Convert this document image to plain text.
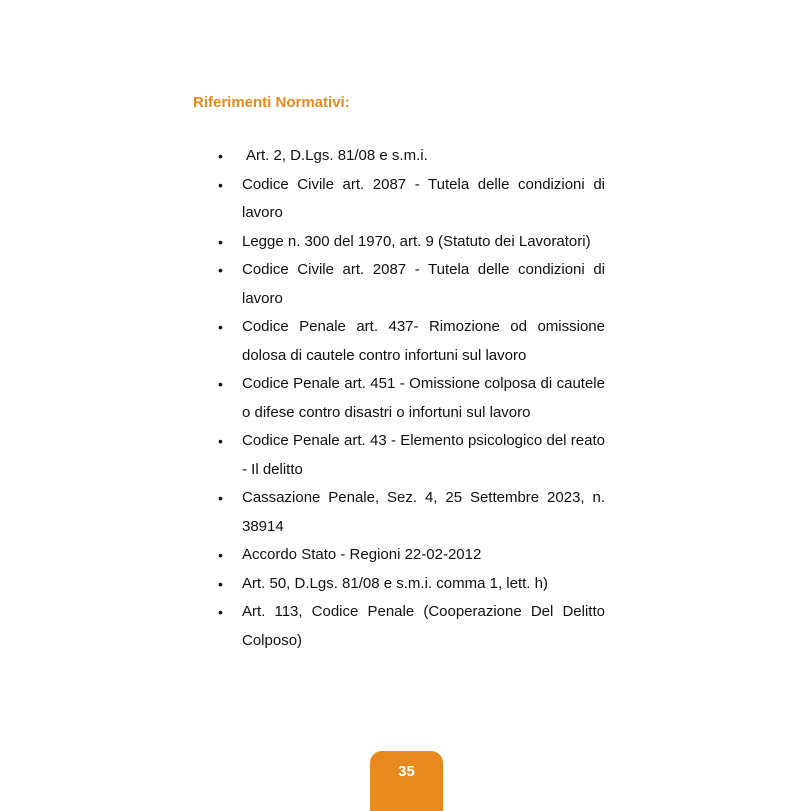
Riferimenti Normativi:
• Art. 2, D.Lgs. 81/08 e s.m.i.
• Codice Civile art. 2087 - Tutela delle condizioni di lavoro
• Legge n. 300 del 1970, art. 9 (Statuto dei Lavoratori)
• Codice Civile art. 2087 - Tutela delle condizioni di lavoro
• Codice Penale art. 437- Rimozione od omissione dolosa di cautele contro infortuni sul lavoro
• Codice Penale art. 451 - Omissione colposa di cautele o difese contro disastri o infortuni sul lavoro
• Codice Penale art. 43 - Elemento psicologico del reato - Il delitto
• Cassazione Penale, Sez. 4, 25 Settembre 2023, n. 38914
• Accordo Stato - Regioni 22-02-2012
• Art. 50, D.Lgs. 81/08 e s.m.i. comma 1, lett. h)
• Art. 113, Codice Penale (Cooperazione Del Delitto Colposo)
35
